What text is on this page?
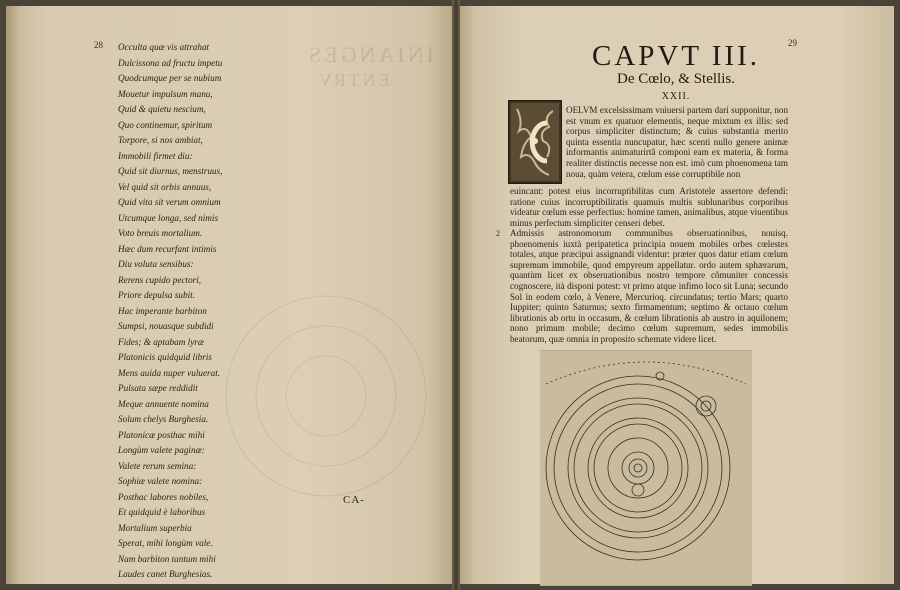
INIANGES
ENTRV
28 Occulta quæ vis attrahat
Dulcissona ad fructu impetu
Quodcumque per se nubium
Mouetur impulsum manu,
Quid & quietu nescium,
Quo continemur, spiritum
Torpore, si nos ambiat,
Immobili firmet diu:
Quid sit diurnus, menstruus,
Vel quid sit orbis annuus,
Quid vita sit verum omnium
Utcumque longa, sed nimis
Voto breuis mortalium.
Hæc dum recurfant intimis
Diu voluta sensibus:
Rerens cupido pectori,
Priore depulsa subit.
Hac imperante barbiton
Sumpsi, nouasque subdidi
Fides; & aptabam lyræ
Platonicis quidquid libris
Mens auida nuper vuluerat.
Pulsata sæpe reddidit
Meque annuente nomina
Solum chelys Burghesia.
Platonicæ posthac mihi
Longùm valete paginæ:
Valete rerum semina:
Sophiæ valete nomina:
Posthac labores nobiles,
Et quidquid è laboribus
Mortalium superbia
Sperat, mihi longùm vale.
Nam barbiton tantum mihi
Laudes canet Burghesias.
CA-
29
CAPVT III.
De Cœlo, & Stellis.
XXII.

OELVM excelsissimam vniuersi partem dari supponitur, non est vnum ex quatuor elementis, neque mixtum ex illis: sed corpus simpliciter distinctum; & cuius substantia merito quinta essentia nuncupatur, hæc scenti nullo genere animæ informantis animaturirtâ componi eam ex materia, & forma realiter distinctis necesse non est. imò cum phoenomena tam noua, quàm vetera, cœlum esse corruptibile non

euincant: potest eius incorruptibilitas cum Aristotele assertore defendi: ratione cuius incorruptibilitatis quamuis multis sublunaribus corporibus videatur cœlum esse perfectius: homine tamen, animalibus, atque viuentibus minus perfectum simpliciter censeri debet.

2 Admissis astronomorum communibus obseruationibus, nouisq. phoenomenis iuxtà peripatetica principia nouem mobiles orbes cœlestes totales, atque præcipui assignandi videntur: præter quos datur etiam cœlum supremum immobile, quod empyreum appellatur. ordo autem sphærarum, quantùm licet ex obseruationibus nostro tempore cõmuniter concessis cognoscere, ità disponi potest: vt primo atque infimo loco sit Luna; secundo Sol in eodem cœlo, à Venere, Mercurioq. circundatus; tertio Mars; quarto Iuppiter; quinto Saturnus; sexto firmamentum; septimo & octauo cœlum librationis ab ortu in occasum, & cœlum librationis ab austro in aquilonem; nono primum mobile; decimo cœlum supremum, sedes immobilis beatorum, quæ omnia in proposito schemate videre licet.
